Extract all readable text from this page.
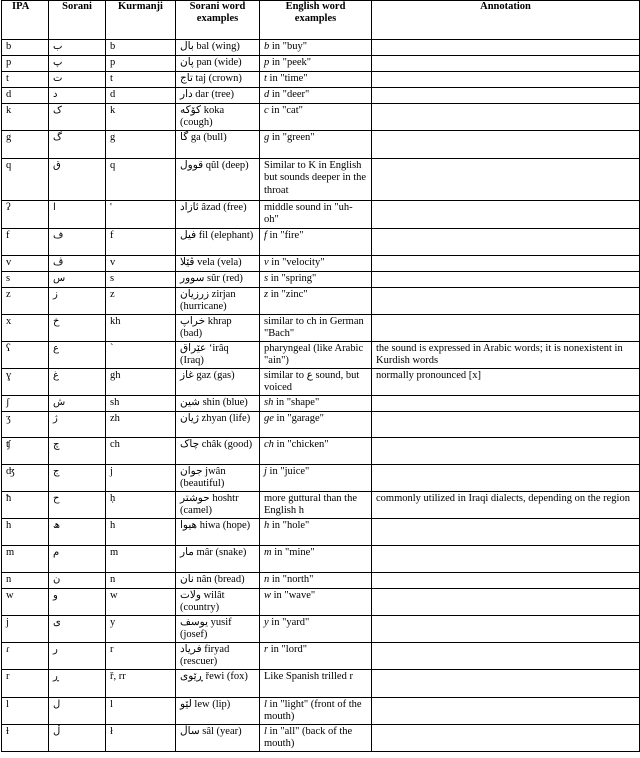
IPA	Sorani	Kurmanji	Sorani word examples	English word examples	Annotation
b	ب	b	بال bal (wing)	b in "buy"	
p	پ	p	پان pan (wide)	p in "peek"	
t	ت	t	تاج taj (crown)	t in "time"	
d	د	d	دار dar (tree)	d in "deer"	
k	ک	k	کۆکە koka (cough)	c in "cat"	
g	گ	g	گا ga (bull)	g in "green"	
q	ق	q	قوول qûl (deep)	Similar to K in English but sounds deeper in the throat	
ʔ	ا	'	ئازاد âzad (free)	middle sound in "uh-oh"	
f	ف	f	فیل fil (elephant)	f in "fire"	
v	ڤ	v	ڤێلا vela (vela)	v in "velocity"	
s	س	s	سوور sûr (red)	s in "spring"	
z	ز	z	زرزیان zirjan (hurricane)	z in "zinc"	
x	خ	kh	خراپ khrap (bad)	similar to ch in German "Bach"	
ʕ	ع	`	عێراق ‘irâq (Iraq)	pharyngeal (like Arabic "ain")	the sound is expressed in Arabic words; it is nonexistent in Kurdish words
ɣ	غ	gh	غاز gaz (gas)	similar to ع sound, but voiced	normally pronounced [x]
ʃ	ش	sh	شین shin (blue)	sh in "shape"	
ʒ	ژ	zh	ژیان zhyan (life)	ge in "garage"	
ʧ	چ	ch	چاک châk (good)	ch in "chicken"	
ʤ	ج	j	جوان jwân (beautiful)	j in "juice"	
ħ	ح	ḥ	حوشتر hoshtr (camel)	more guttural than the English h	commonly utilized in Iraqi dialects, depending on the region
h	ھ	h	هیوا hiwa (hope)	h in "hole"	
m	م	m	مار mâr (snake)	m in "mine"	
n	ن	n	نان nân (bread)	n in "north"	
w	و	w	ولات wilât (country)	w in "wave"	
j	ی	y	یوسف yusif (josef)	y in "yard"	
ɾ	ر	r	فریاد firyad (rescuer)	r in "lord"	
r	ڕ	ř, rr	ڕێوی řewi (fox)	Like Spanish trilled r	
l	ل	l	لێو lew (lip)	l in "light" (front of the mouth)	
ɫ	ڵ	ł	ساڵ sâl (year)	l in "all" (back of the mouth)	
